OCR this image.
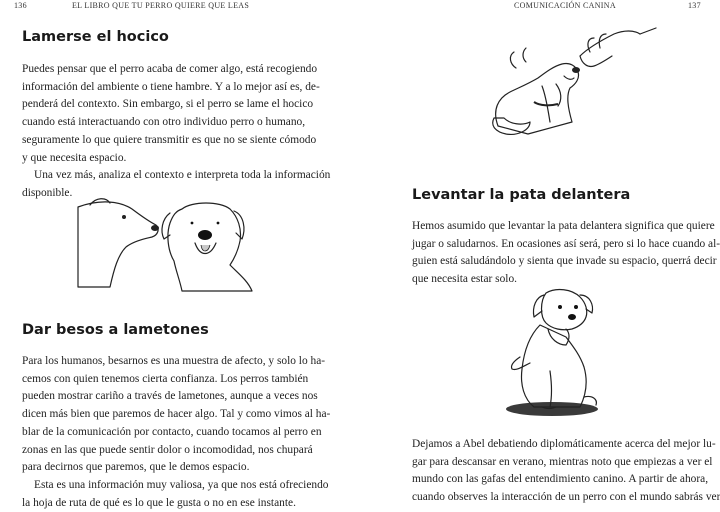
136	EL LIBRO QUE TU PERRO QUIERE QUE LEAS
Lamerse el hocico
Puedes pensar que el perro acaba de comer algo, está recogiendo
información del ambiente o tiene hambre. Y a lo mejor así es, de-
penderá del contexto. Sin embargo, si el perro se lame el hocico
cuando está interactuando con otro individuo perro o humano,
seguramente lo que quiere transmitir es que no se siente cómodo
y que necesita espacio.
Una vez más, analiza el contexto e interpreta toda la información
disponible.
Dar besos a lametones
Para los humanos, besarnos es una muestra de afecto, y solo lo ha-
cemos con quien tenemos cierta confianza. Los perros también
pueden mostrar cariño a través de lametones, aunque a veces nos
dicen más bien que paremos de hacer algo. Tal y como vimos al ha-
blar de la comunicación por contacto, cuando tocamos al perro en
zonas en las que puede sentir dolor o incomodidad, nos chupará
para decirnos que paremos, que le demos espacio.
Esta es una información muy valiosa, ya que nos está ofreciendo
la hoja de ruta de qué es lo que le gusta o no en ese instante.
COMUNICACIÓN CANINA	137
Levantar la pata delantera
Hemos asumido que levantar la pata delantera significa que quiere
jugar o saludarnos. En ocasiones así será, pero si lo hace cuando al-
guien está saludándolo y sienta que invade su espacio, querrá decir
que necesita estar solo.
Dejamos a Abel debatiendo diplomáticamente acerca del mejor lu-
gar para descansar en verano, mientras noto que empiezas a ver el
mundo con las gafas del entendimiento canino. A partir de ahora,
cuando observes la interacción de un perro con el mundo sabrás ver
